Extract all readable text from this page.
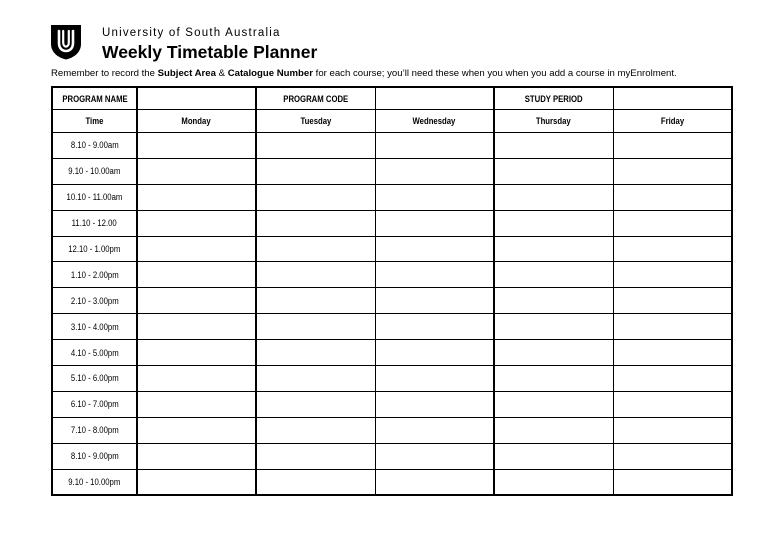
University of South Australia
Weekly Timetable Planner
Remember to record the Subject Area & Catalogue Number for each course; you’ll need these when you when you add a course in myEnrolment.
PROGRAM NAME		PROGRAM CODE		STUDY PERIOD	
Time	Monday	Tuesday	Wednesday	Thursday	Friday
8.10 - 9.00am					
9.10 - 10.00am					
10.10 - 11.00am					
11.10 - 12.00					
12.10 - 1.00pm					
1.10 - 2.00pm					
2.10 - 3.00pm					
3.10 - 4.00pm					
4.10 - 5.00pm					
5.10 - 6.00pm					
6.10 - 7.00pm					
7.10 - 8.00pm					
8.10 - 9.00pm					
9.10 - 10.00pm					
